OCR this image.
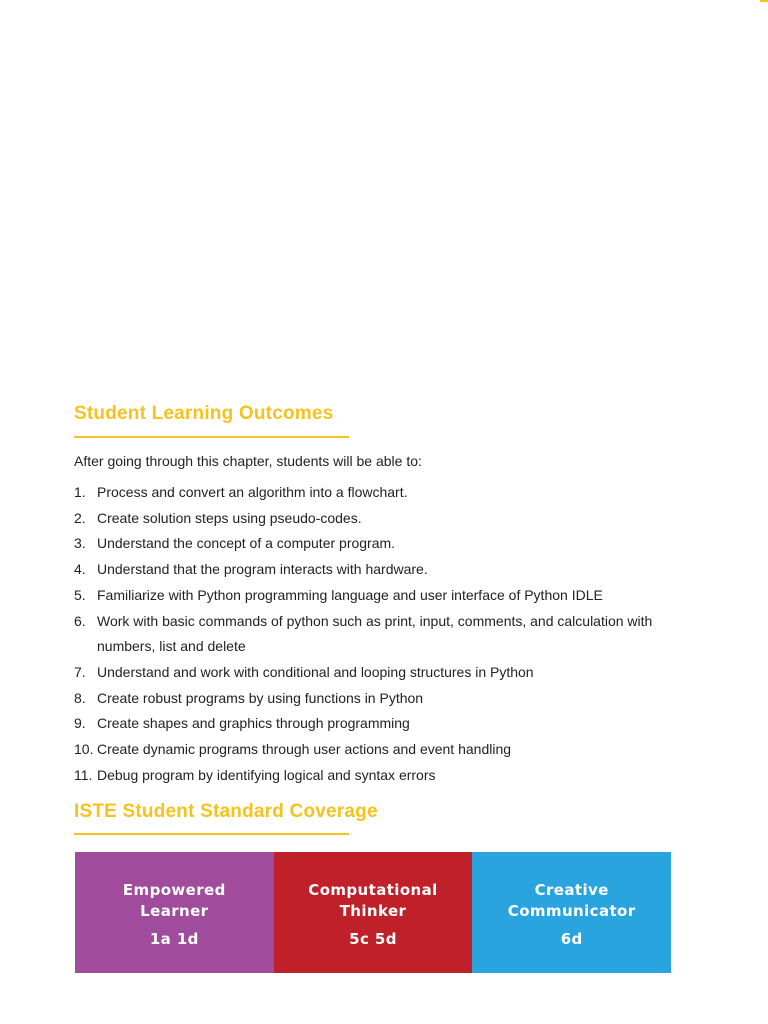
Student Learning Outcomes

After going through this chapter, students will be able to:

1. Process and convert an algorithm into a flowchart.
2. Create solution steps using pseudo-codes.
3. Understand the concept of a computer program.
4. Understand that the program interacts with hardware.
5. Familiarize with Python programming language and user interface of Python IDLE
6. Work with basic commands of python such as print, input, comments, and calculation with numbers, list and delete
7. Understand and work with conditional and looping structures in Python
8. Create robust programs by using functions in Python
9. Create shapes and graphics through programming
10. Create dynamic programs through user actions and event handling
11. Debug program by identifying logical and syntax errors
ISTE Student Standard Coverage
Empowered Learner
1a 1d
Computational Thinker
5c 5d
Creative Communicator
6d
